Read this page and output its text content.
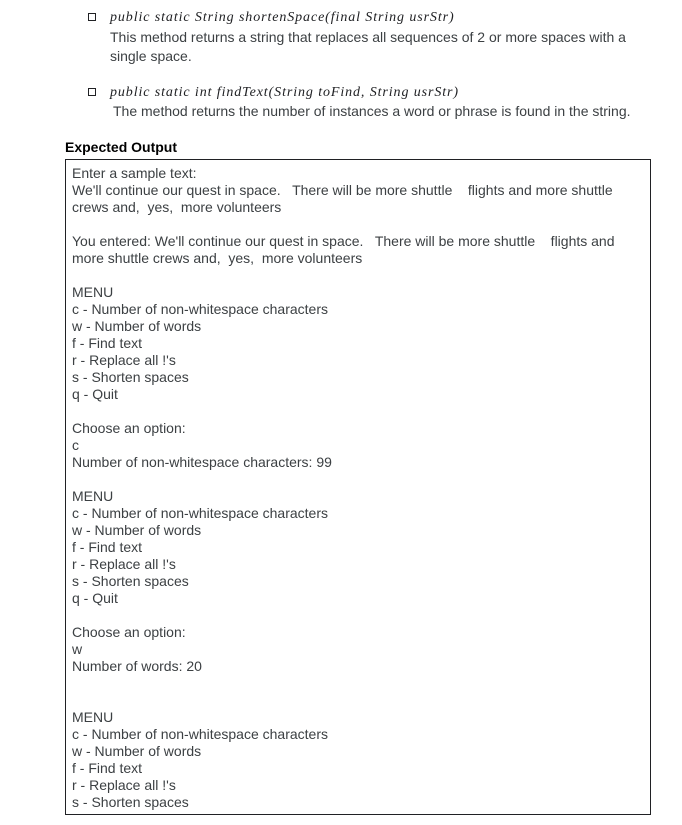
public static String shortenSpace(final String usrStr)
This method returns a string that replaces all sequences of 2 or more spaces with a single space.
public static int findText(String toFind, String usrStr)
The method returns the number of instances a word or phrase is found in the string.
Expected Output
Enter a sample text:
We'll continue our quest in space.   There will be more shuttle    flights and more shuttle crews and,  yes,  more volunteers
You entered: We'll continue our quest in space.   There will be more shuttle    flights and more shuttle crews and,  yes,  more volunteers
MENU
c - Number of non-whitespace characters
w - Number of words
f - Find text
r - Replace all !'s
s - Shorten spaces
q - Quit
Choose an option:
c
Number of non-whitespace characters: 99
MENU
c - Number of non-whitespace characters
w - Number of words
f - Find text
r - Replace all !'s
s - Shorten spaces
q - Quit
Choose an option:
w
Number of words: 20
MENU
c - Number of non-whitespace characters
w - Number of words
f - Find text
r - Replace all !'s
s - Shorten spaces
